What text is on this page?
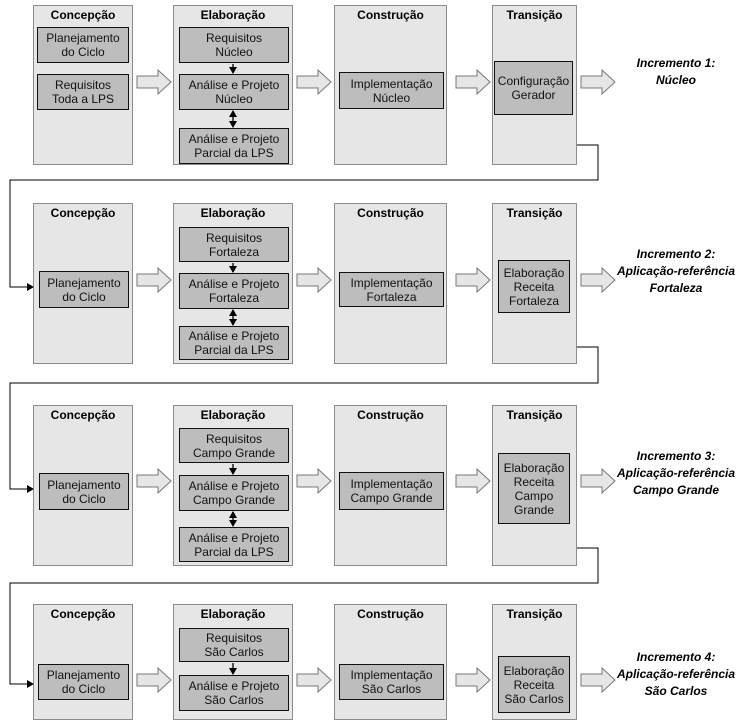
Concepção
Planejamento
do Ciclo
Requisitos
Toda a LPS
Elaboração
Requisitos
Núcleo
Análise e Projeto
Núcleo
Análise e Projeto
Parcial da LPS
Construção
Implementação
Núcleo
Transição
Configuração
Gerador
Incremento 1:
Núcleo
Concepção
Planejamento
do Ciclo
Elaboração
Requisitos
Fortaleza
Análise e Projeto
Fortaleza
Análise e Projeto
Parcial da LPS
Construção
Implementação
Fortaleza
Transição
Elaboração
Receita
Fortaleza
Incremento 2:
Aplicação-referência
Fortaleza
Concepção
Planejamento
do Ciclo
Elaboração
Requisitos
Campo Grande
Análise e Projeto
Campo Grande
Análise e Projeto
Parcial da LPS
Construção
Implementação
Campo Grande
Transição
Elaboração
Receita
Campo
Grande
Incremento 3:
Aplicação-referência
Campo Grande
Concepção
Planejamento
do Ciclo
Elaboração
Requisitos
São Carlos
Análise e Projeto
São Carlos
Construção
Implementação
São Carlos
Transição
Elaboração
Receita
São Carlos
Incremento 4:
Aplicação-referência
São Carlos
